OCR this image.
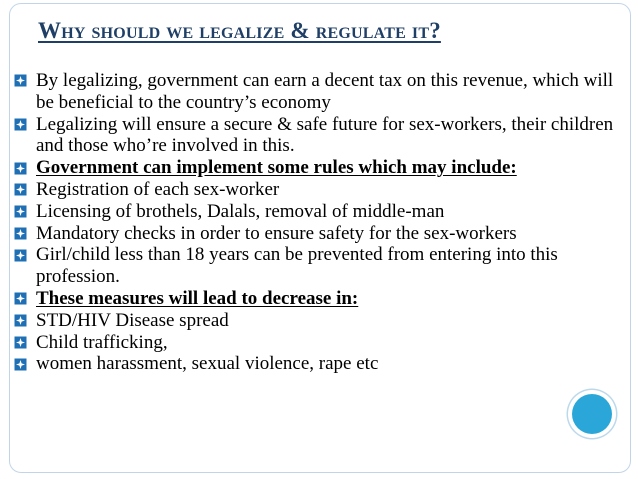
Why should we legalize & regulate it?
By legalizing, government can earn a decent tax on this revenue, which will be beneficial to the country’s economy
Legalizing will ensure a secure & safe future for sex-workers, their children and those who’re involved in this.
Government can implement some rules which may include:
Registration of each sex-worker
Licensing of brothels, Dalals, removal of middle-man
Mandatory checks in order to ensure safety for the sex-workers
Girl/child less than 18 years can be prevented from entering into this profession.
These measures will lead to decrease in:
STD/HIV Disease spread
Child trafficking,
women harassment, sexual violence, rape etc
